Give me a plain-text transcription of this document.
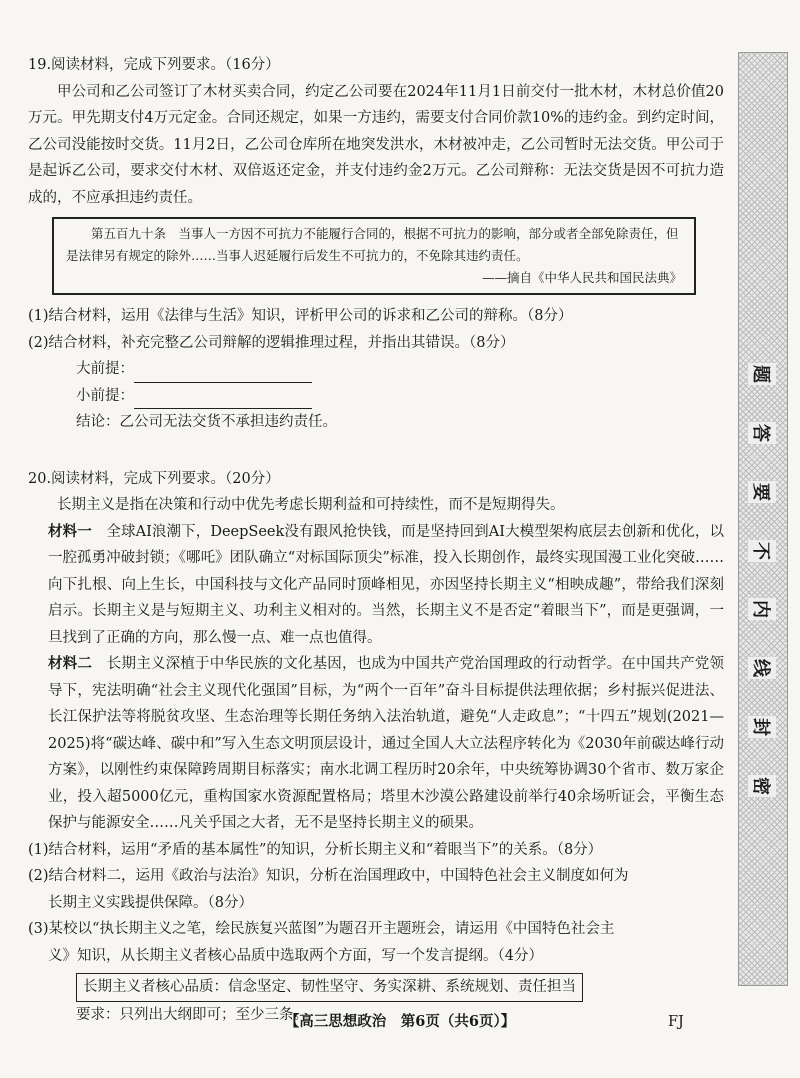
19.阅读材料，完成下列要求。（16分）

甲公司和乙公司签订了木材买卖合同，约定乙公司要在2024年11月1日前交付一批木材，木材总价值20万元。甲先期支付4万元定金。合同还规定，如果一方违约，需要支付合同价款10%的违约金。到约定时间，乙公司没能按时交货。11月2日，乙公司仓库所在地突发洪水，木材被冲走，乙公司暂时无法交货。甲公司于是起诉乙公司，要求交付木材、双倍返还定金，并支付违约金2万元。乙公司辩称：无法交货是因不可抗力造成的，不应承担违约责任。

第五百九十条　当事人一方因不可抗力不能履行合同的，根据不可抗力的影响，部分或者全部免除责任，但是法律另有规定的除外……当事人迟延履行后发生不可抗力的，不免除其违约责任。

——摘自《中华人民共和国民法典》

(1)结合材料，运用《法律与生活》知识，评析甲公司的诉求和乙公司的辩称。（8分）

(2)结合材料，补充完整乙公司辩解的逻辑推理过程，并指出其错误。（8分）

大前提：

小前提：

结论：乙公司无法交货不承担违约责任。

20.阅读材料，完成下列要求。（20分）

长期主义是指在决策和行动中优先考虑长期利益和可持续性，而不是短期得失。

材料一　全球AI浪潮下，DeepSeek没有跟风抢快钱，而是坚持回到AI大模型架构底层去创新和优化，以一腔孤勇冲破封锁；《哪吒》团队确立“对标国际顶尖”标准，投入长期创作，最终实现国漫工业化突破……向下扎根、向上生长，中国科技与文化产品同时顶峰相见，亦因坚持长期主义“相映成趣”，带给我们深刻启示。长期主义是与短期主义、功利主义相对的。当然，长期主义不是否定“着眼当下”，而是更强调，一旦找到了正确的方向，那么慢一点、难一点也值得。

材料二　长期主义深植于中华民族的文化基因，也成为中国共产党治国理政的行动哲学。在中国共产党领导下，宪法明确“社会主义现代化强国”目标，为“两个一百年”奋斗目标提供法理依据；乡村振兴促进法、长江保护法等将脱贫攻坚、生态治理等长期任务纳入法治轨道，避免“人走政息”；“十四五”规划(2021—2025)将“碳达峰、碳中和”写入生态文明顶层设计，通过全国人大立法程序转化为《2030年前碳达峰行动方案》，以刚性约束保障跨周期目标落实；南水北调工程历时20余年，中央统筹协调30个省市、数万家企业，投入超5000亿元，重构国家水资源配置格局；塔里木沙漠公路建设前举行40余场听证会，平衡生态保护与能源安全……凡关乎国之大者，无不是坚持长期主义的硕果。

(1)结合材料，运用“矛盾的基本属性”的知识，分析长期主义和“着眼当下”的关系。（8分）

(2)结合材料二，运用《政治与法治》知识，分析在治国理政中，中国特色社会主义制度如何为

长期主义实践提供保障。（8分）

(3)某校以“执长期主义之笔，绘民族复兴蓝图”为题召开主题班会，请运用《中国特色社会主

义》知识，从长期主义者核心品质中选取两个方面，写一个发言提纲。（4分）

长期主义者核心品质：信念坚定、韧性坚守、务实深耕、系统规划、责任担当

要求：只列出大纲即可；至少三条。

题
答
要
不
内
线
封
密
【高三思想政治　第6页（共6页）】	FJ
